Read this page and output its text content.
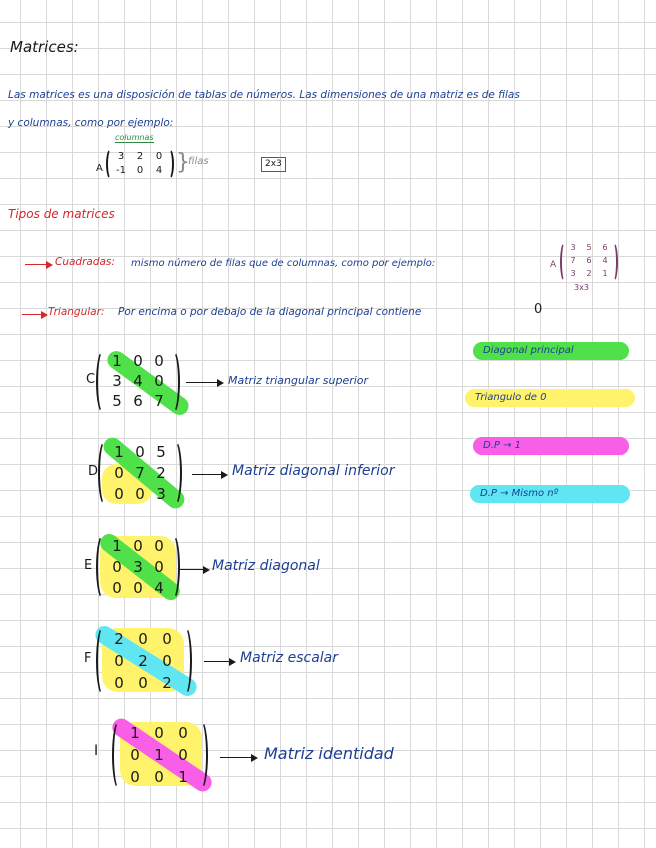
Matrices:
Las matrices es una disposición de tablas de números. Las dimensiones de una matriz es de filas
y columnas, como por ejemplo:
columnas
A
3	2	0
-1	0	4 }
filas	2x3
Tipos de matrices
Cuadradas: mismo número de filas que de columnas, como por ejemplo:	A
3	5	6
7	6	4
3	2	1
3x3
Triangular: Por encima o por debajo de la diagonal principal contiene	0
Diagonal principal
Triangulo de 0
D.P → 1
D.P → Mismo nº
C
1 0 0
3 4 0
5 6 7
Matriz triangular superior
D
1 0 5
0 7 2
0 0 3
Matriz diagonal inferior
E
1 0 0
0 3 0
0 0 4
Matriz diagonal
F
2 0 0
0 2 0
0 0 2
Matriz escalar
I
1 0 0
0 1 0
0 0 1
Matriz identidad
